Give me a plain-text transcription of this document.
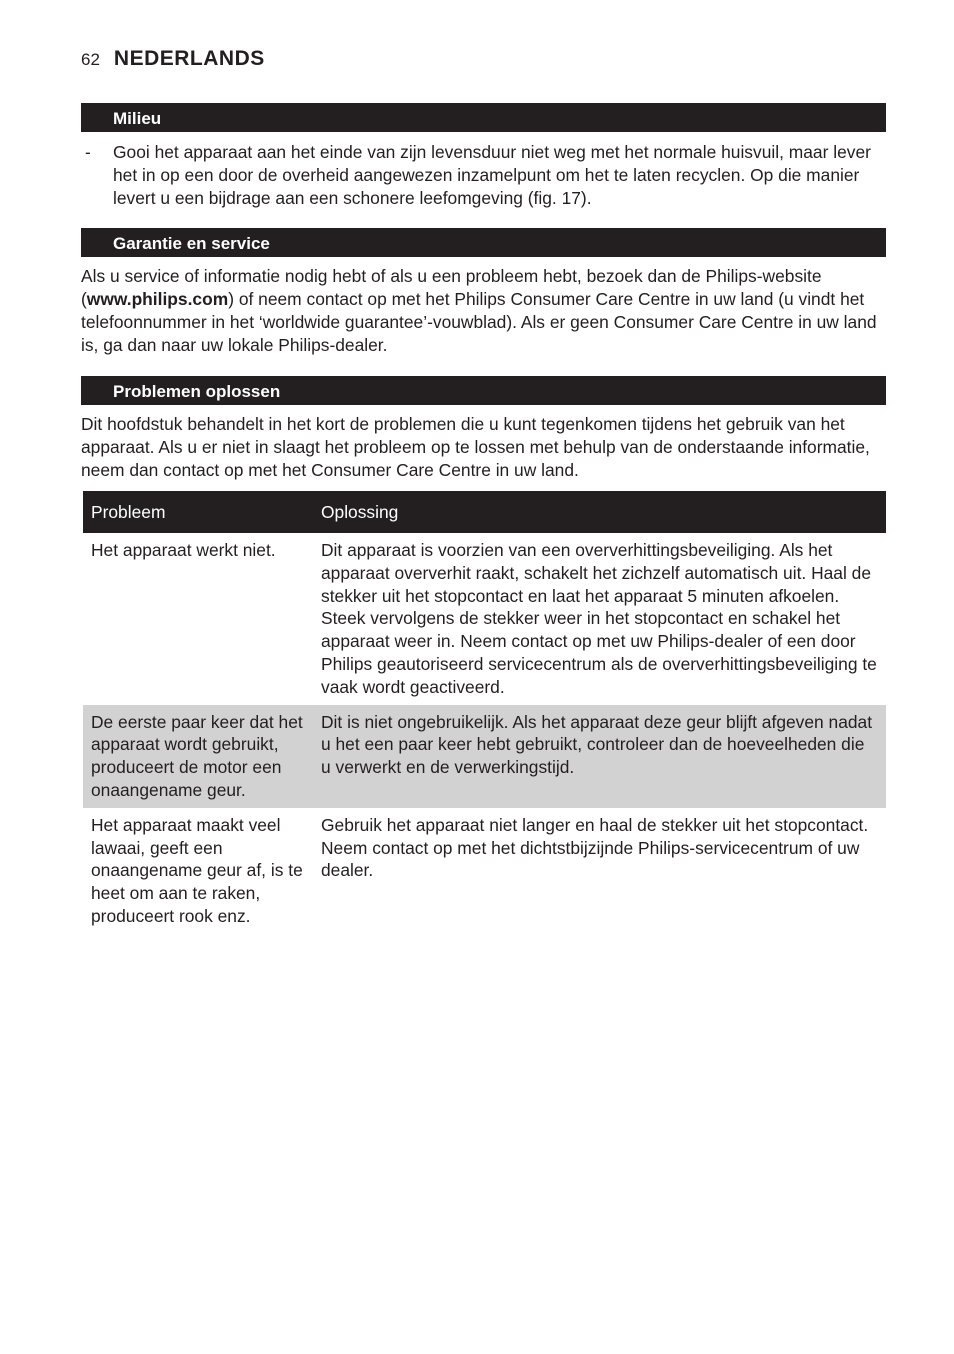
62 NEDERLANDS
Milieu
- Gooi het apparaat aan het einde van zijn levensduur niet weg met het normale huisvuil, maar lever het in op een door de overheid aangewezen inzamelpunt om het te laten recyclen. Op die manier levert u een bijdrage aan een schonere leefomgeving (fig. 17).
Garantie en service
Als u service of informatie nodig hebt of als u een probleem hebt, bezoek dan de Philips-website (www.philips.com) of neem contact op met het Philips Consumer Care Centre in uw land (u vindt het telefoonnummer in het ‘worldwide guarantee’-vouwblad). Als er geen Consumer Care Centre in uw land is, ga dan naar uw lokale Philips-dealer.
Problemen oplossen
Dit hoofdstuk behandelt in het kort de problemen die u kunt tegenkomen tijdens het gebruik van het apparaat. Als u er niet in slaagt het probleem op te lossen met behulp van de onderstaande informatie, neem dan contact op met het Consumer Care Centre in uw land.
Probleem	Oplossing
Het apparaat werkt niet.	Dit apparaat is voorzien van een oververhittingsbeveiliging. Als het apparaat oververhit raakt, schakelt het zichzelf automatisch uit. Haal de stekker uit het stopcontact en laat het apparaat 5 minuten afkoelen. Steek vervolgens de stekker weer in het stopcontact en schakel het apparaat weer in. Neem contact op met uw Philips-dealer of een door Philips geautoriseerd servicecentrum als de oververhittingsbeveiliging te vaak wordt geactiveerd.
De eerste paar keer dat het apparaat wordt gebruikt, produceert de motor een onaangename geur.	Dit is niet ongebruikelijk. Als het apparaat deze geur blijft afgeven nadat u het een paar keer hebt gebruikt, controleer dan de hoeveelheden die u verwerkt en de verwerkingstijd.
Het apparaat maakt veel lawaai, geeft een onaangename geur af, is te heet om aan te raken, produceert rook enz.	Gebruik het apparaat niet langer en haal de stekker uit het stopcontact. Neem contact op met het dichtstbijzijnde Philips-servicecentrum of uw dealer.
